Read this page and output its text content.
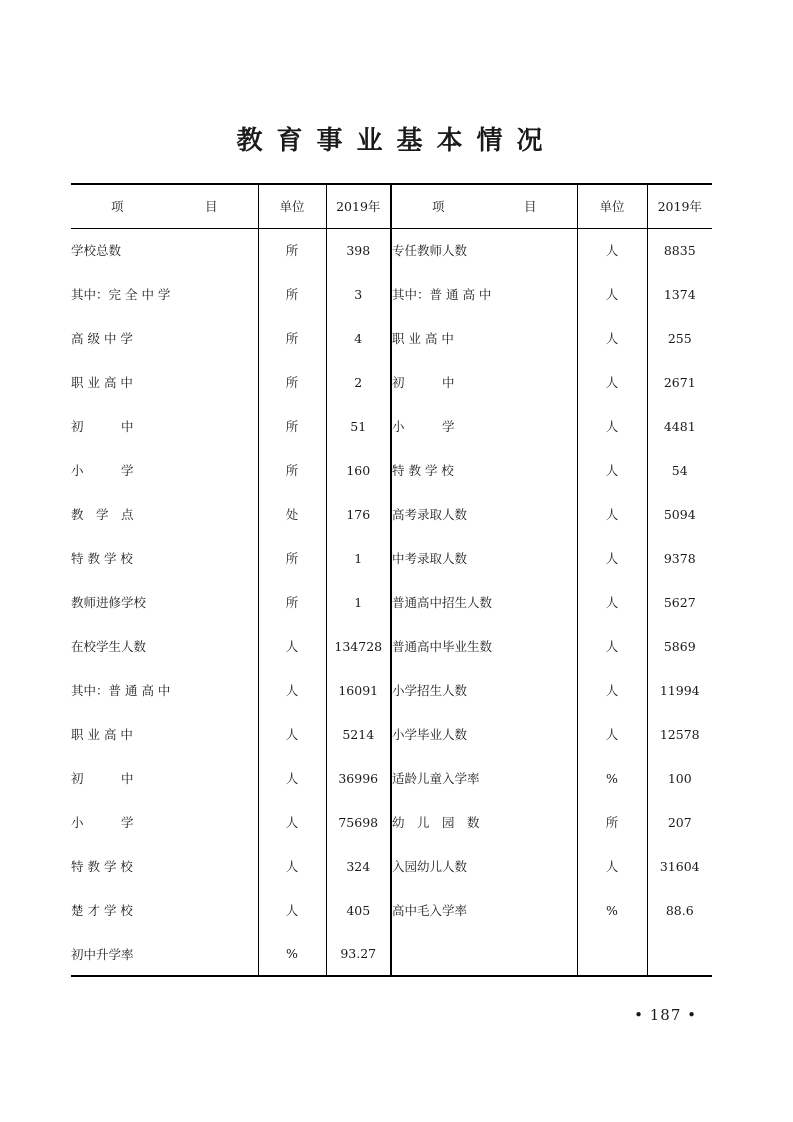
教育事业基本情况
项 目	单位	2019年	项 目	单位	2019年
学校总数	所	398	专任教师人数	人	8835
其中：完 全 中 学	所	3	其中：普 通 高 中	人	1374
高 级 中 学	所	4	职 业 高 中	人	255
职 业 高 中	所	2	初　　　中	人	2671
初　　　中	所	51	小　　　学	人	4481
小　　　学	所	160	特 教 学 校	人	54
教　学　点	处	176	高考录取人数	人	5094
特 教 学 校	所	1	中考录取人数	人	9378
教师进修学校	所	1	普通高中招生人数	人	5627
在校学生人数	人	134728	普通高中毕业生数	人	5869
其中：普 通 高 中	人	16091	小学招生人数	人	11994
职 业 高 中	人	5214	小学毕业人数	人	12578
初　　　中	人	36996	适龄儿童入学率	%	100
小　　　学	人	75698	幼　儿　园　数	所	207
特 教 学 校	人	324	入园幼儿人数	人	31604
楚 才 学 校	人	405	高中毛入学率	%	88.6
初中升学率	%	93.27			
• 187 •
